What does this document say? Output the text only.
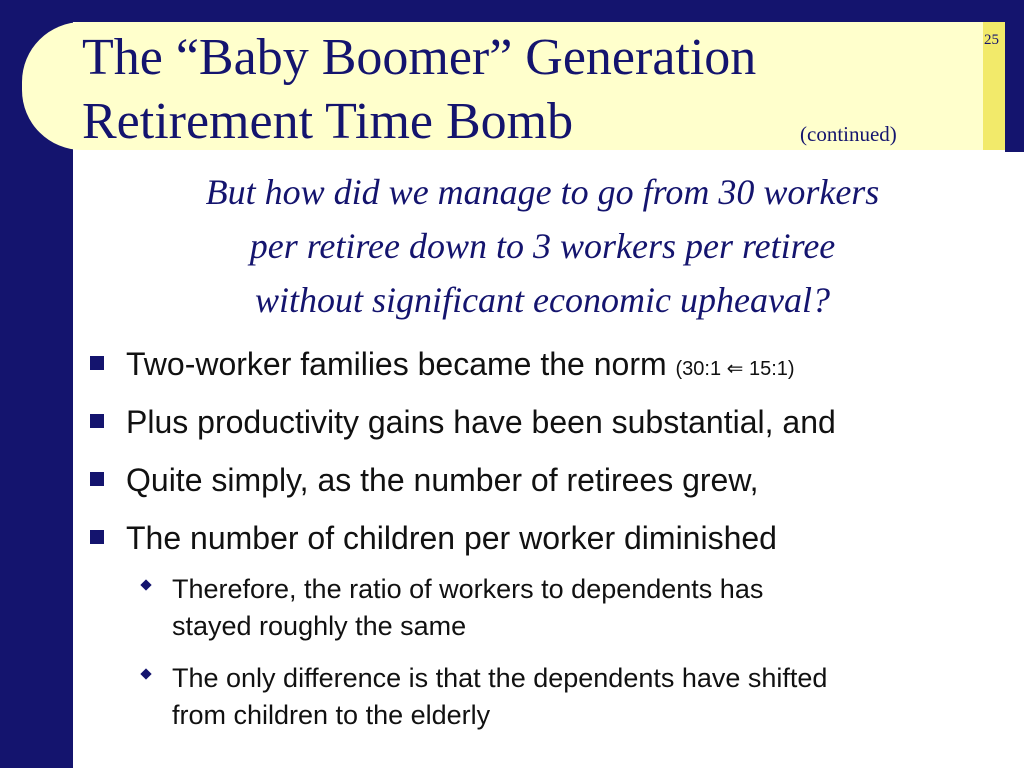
The “Baby Boomer” Generation
Retirement Time Bomb	(continued)
25
But how did we manage to go from 30 workers
per retiree down to 3 workers per retiree
without significant economic upheaval?
Two-worker families became the norm (30:1 ⇐ 15:1)
Plus productivity gains have been substantial, and
Quite simply, as the number of retirees grew,
The number of children per worker diminished
Therefore, the ratio of workers to dependents has
stayed roughly the same
The only difference is that the dependents have shifted
from children to the elderly
